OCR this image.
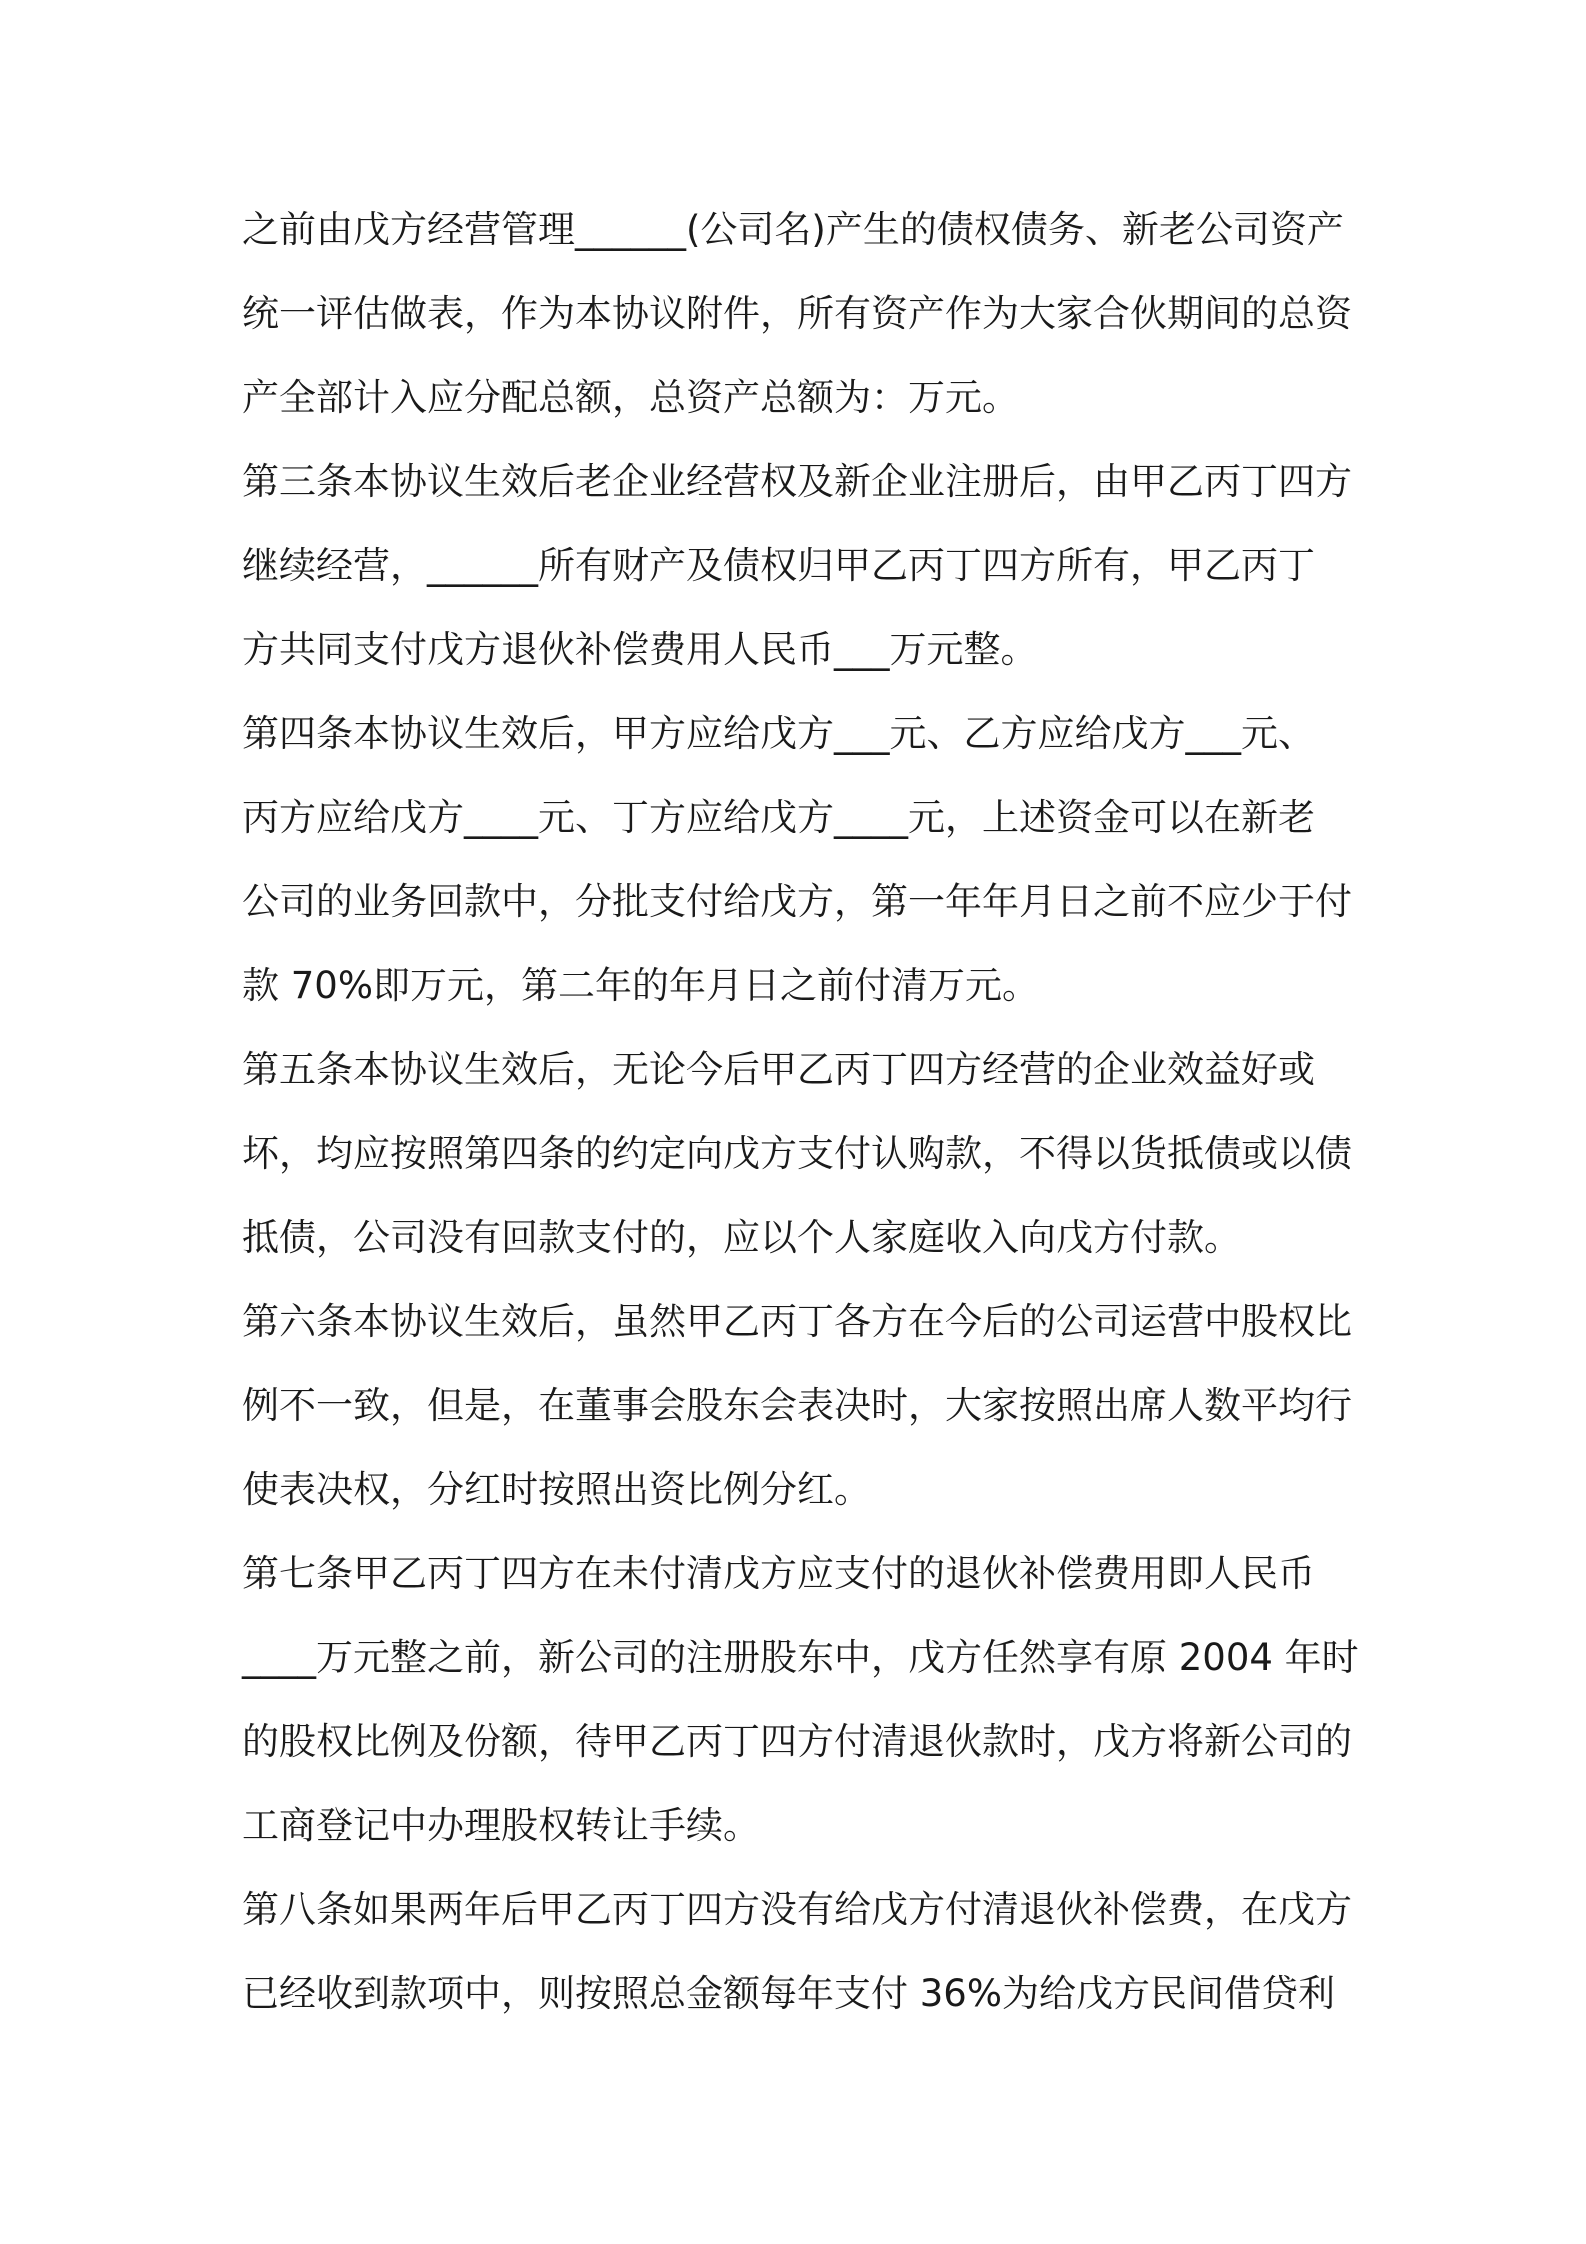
之前由戊方经营管理______(公司名)产生的债权债务、新老公司资产
统一评估做表，作为本协议附件，所有资产作为大家合伙期间的总资
产全部计入应分配总额，总资产总额为：万元。
第三条本协议生效后老企业经营权及新企业注册后，由甲乙丙丁四方
继续经营，______所有财产及债权归甲乙丙丁四方所有，甲乙丙丁
方共同支付戊方退伙补偿费用人民币___万元整。
第四条本协议生效后，甲方应给戊方___元、乙方应给戊方___元、
丙方应给戊方____元、丁方应给戊方____元，上述资金可以在新老
公司的业务回款中，分批支付给戊方，第一年年月日之前不应少于付
款 70%即万元，第二年的年月日之前付清万元。
第五条本协议生效后，无论今后甲乙丙丁四方经营的企业效益好或
坏，均应按照第四条的约定向戊方支付认购款，不得以货抵债或以债
抵债，公司没有回款支付的，应以个人家庭收入向戊方付款。
第六条本协议生效后，虽然甲乙丙丁各方在今后的公司运营中股权比
例不一致，但是，在董事会股东会表决时，大家按照出席人数平均行
使表决权，分红时按照出资比例分红。
第七条甲乙丙丁四方在未付清戊方应支付的退伙补偿费用即人民币
____万元整之前，新公司的注册股东中，戊方任然享有原 2004 年时
的股权比例及份额，待甲乙丙丁四方付清退伙款时，戊方将新公司的
工商登记中办理股权转让手续。
第八条如果两年后甲乙丙丁四方没有给戊方付清退伙补偿费，在戊方
已经收到款项中，则按照总金额每年支付 36%为给戊方民间借贷利
